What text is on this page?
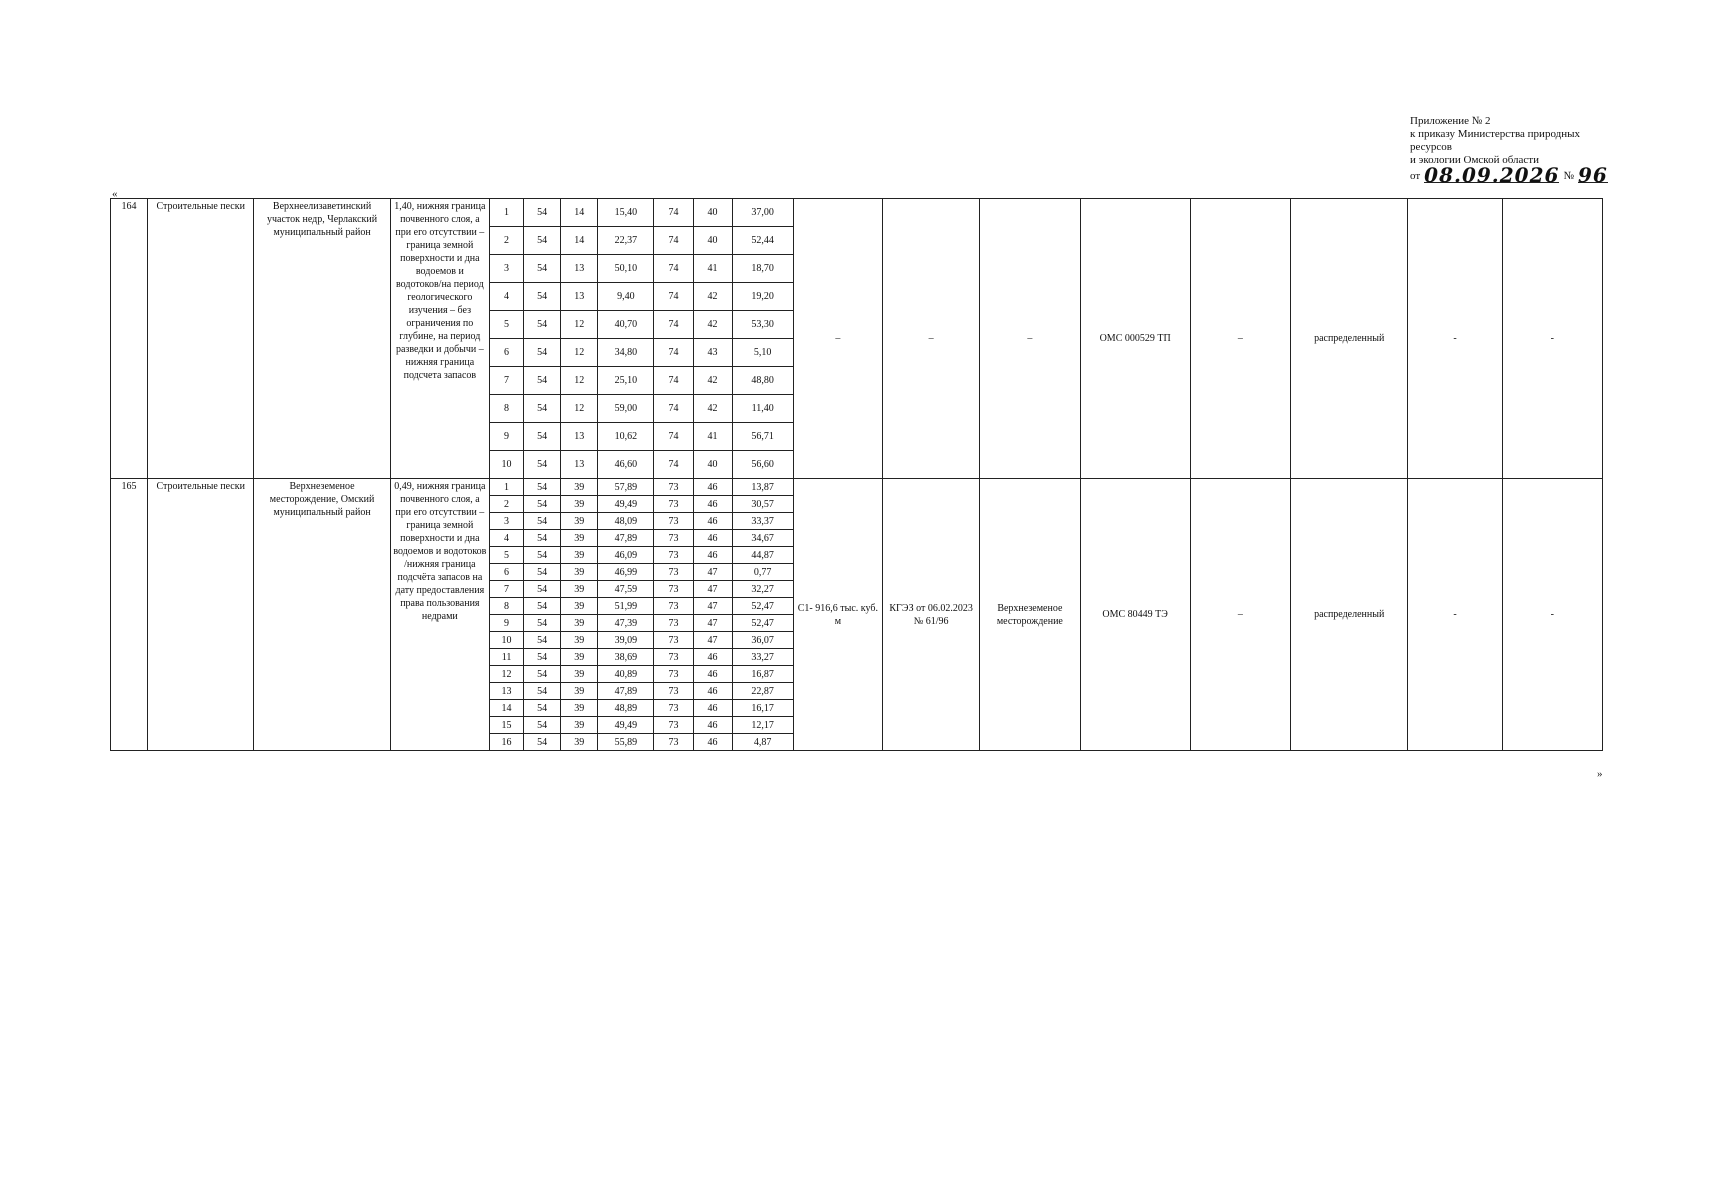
Приложение № 2
к приказу Министерства природных
ресурсов
и экологии Омской области
от 08.09.2026 № 96
«
164	Строительные пески	Верхнеелизаветинский участок недр, Черлакский муниципальный район	1,40, нижняя граница почвенного слоя, а при его отсутствии – граница земной поверхности и дна водоемов и водотоков/на период геологического изучения – без ограничения по глубине, на период разведки и добычи – нижняя граница подсчета запасов	1	54	14	15,40	74	40	37,00	–	–	–	ОМС 000529 ТП	–	распределенный	-	-
				2	54	14	22,37	74	40	52,44								
				3	54	13	50,10	74	41	18,70								
				4	54	13	9,40	74	42	19,20								
				5	54	12	40,70	74	42	53,30								
				6	54	12	34,80	74	43	5,10								
				7	54	12	25,10	74	42	48,80								
				8	54	12	59,00	74	42	11,40								
				9	54	13	10,62	74	41	56,71								
				10	54	13	46,60	74	40	56,60								
165	Строительные пески	Верхнеземеное месторождение, Омский муниципальный район	0,49, нижняя граница почвенного слоя, а при его отсутствии – граница земной поверхности и дна водоемов и водотоков /нижняя граница подсчёта запасов на дату предоставления права пользования недрами	1	54	39	57,89	73	46	13,87	C1- 916,6 тыс. куб. м	КГЭЗ от 06.02.2023 № 61/96	Верхнеземеное месторождение	ОМС 80449 ТЭ	–	распределенный	-	-
				2	54	39	49,49	73	46	30,57								
				3	54	39	48,09	73	46	33,37								
				4	54	39	47,89	73	46	34,67								
				5	54	39	46,09	73	46	44,87								
				6	54	39	46,99	73	47	0,77								
				7	54	39	47,59	73	47	32,27								
				8	54	39	51,99	73	47	52,47								
				9	54	39	47,39	73	47	52,47								
				10	54	39	39,09	73	47	36,07								
				11	54	39	38,69	73	46	33,27								
				12	54	39	40,89	73	46	16,87								
				13	54	39	47,89	73	46	22,87								
				14	54	39	48,89	73	46	16,17								
				15	54	39	49,49	73	46	12,17								
				16	54	39	55,89	73	46	4,87								
»
